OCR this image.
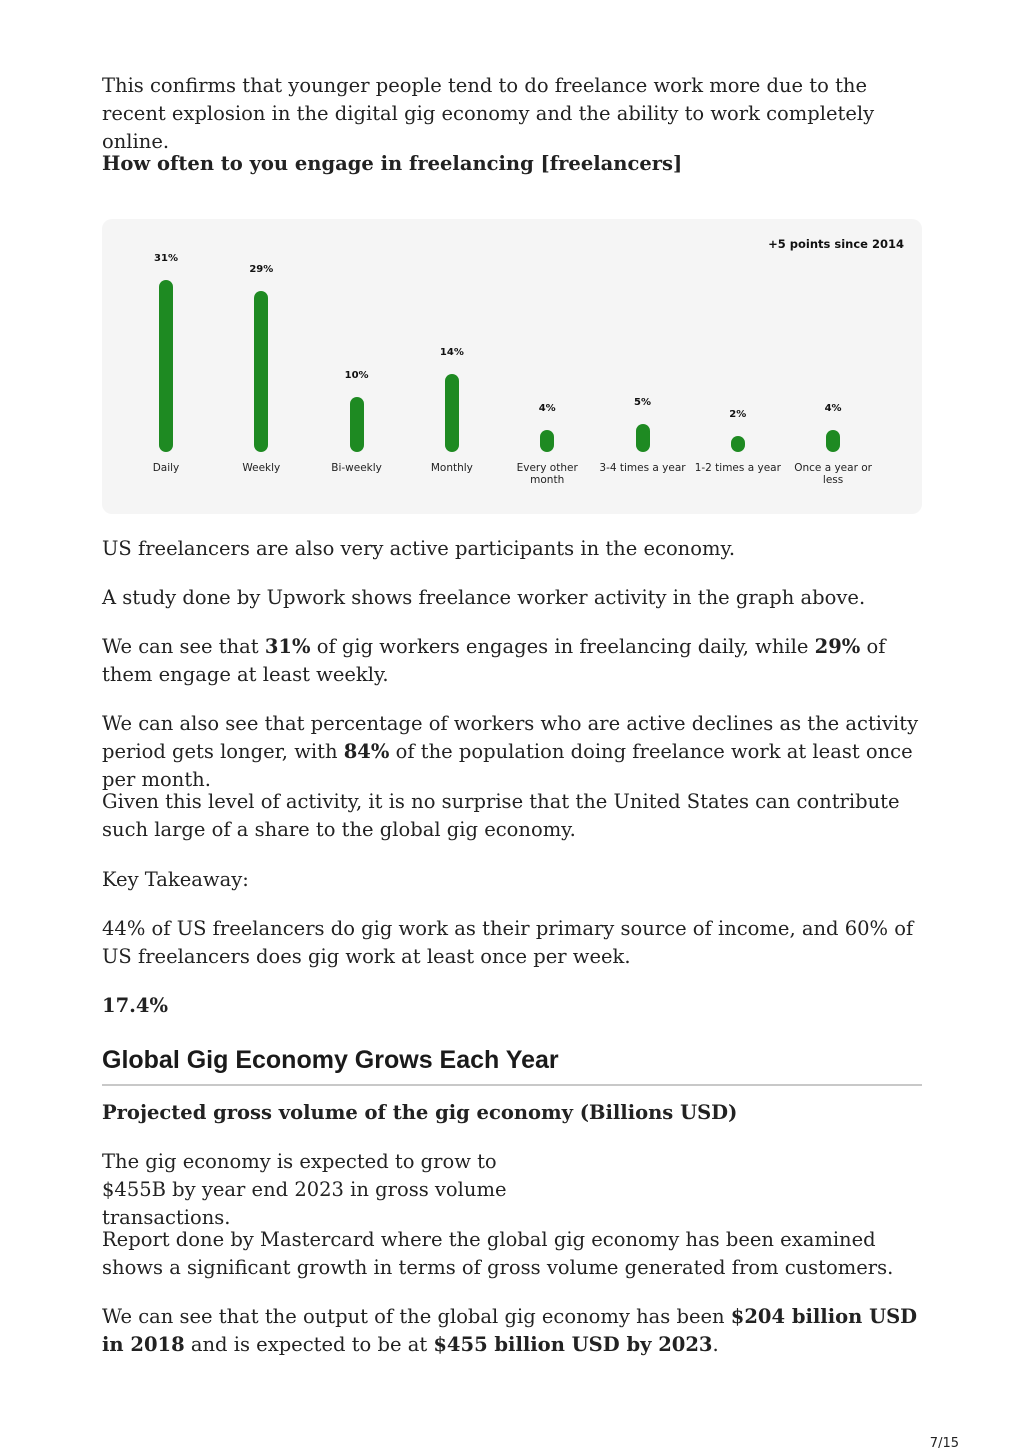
This confirms that younger people tend to do freelance work more due to the recent explosion in the digital gig economy and the ability to work completely online.

How often to you engage in freelancing [freelancers]

+5 points since 2014
31%
Daily
29%
Weekly
10%
Bi-weekly
14%
Monthly
4%
Every other month
5%
3-4 times a year
2%
1-2 times a year
4%
Once a year or less

US freelancers are also very active participants in the economy.

A study done by Upwork shows freelance worker activity in the graph above.

We can see that 31% of gig workers engages in freelancing daily, while 29% of them engage at least weekly.

We can also see that percentage of workers who are active declines as the activity period gets longer, with 84% of the population doing freelance work at least once per month.

Given this level of activity, it is no surprise that the United States can contribute such large of a share to the global gig economy.

Key Takeaway:

44% of US freelancers do gig work as their primary source of income, and 60% of US freelancers does gig work at least once per week.

17.4%

Global Gig Economy Grows Each Year

Projected gross volume of the gig economy (Billions USD)

The gig economy is expected to grow to $455B by year end 2023 in gross volume transactions.

Report done by Mastercard where the global gig economy has been examined shows a significant growth in terms of gross volume generated from customers.

We can see that the output of the global gig economy has been $204 billion USD in 2018 and is expected to be at $455 billion USD by 2023.

7/15
